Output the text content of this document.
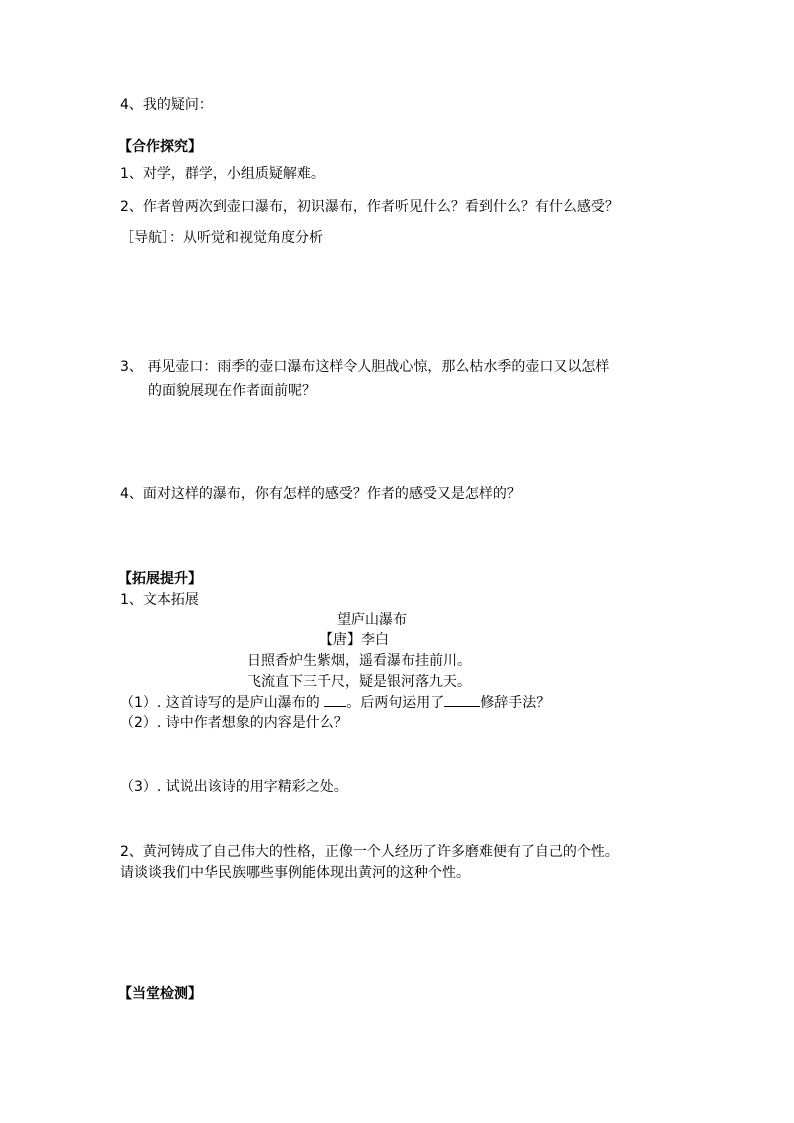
4、我的疑问：
【合作探究】
1、对学，群学，小组质疑解难。
2、作者曾两次到壶口瀑布，初识瀑布，作者听见什么？看到什么？有什么感受？
［导航］：从听觉和视觉角度分析
3、 再见壶口：雨季的壶口瀑布这样令人胆战心惊，那么枯水季的壶口又以怎样
的面貌展现在作者面前呢？
4、面对这样的瀑布，你有怎样的感受？作者的感受又是怎样的？
【拓展提升】
1、文本拓展
望庐山瀑布
【唐】李白
日照香炉生紫烟，遥看瀑布挂前川。
飞流直下三千尺，疑是银河落九天。
（1）. 这首诗写的是庐山瀑布的 。后两句运用了	修辞手法？
（2）. 诗中作者想象的内容是什么？
（3）. 试说出该诗的用字精彩之处。
2、黄河铸成了自己伟大的性格，正像一个人经历了许多磨难便有了自己的个性。
请谈谈我们中华民族哪些事例能体现出黄河的这种个性。
【当堂检测】
